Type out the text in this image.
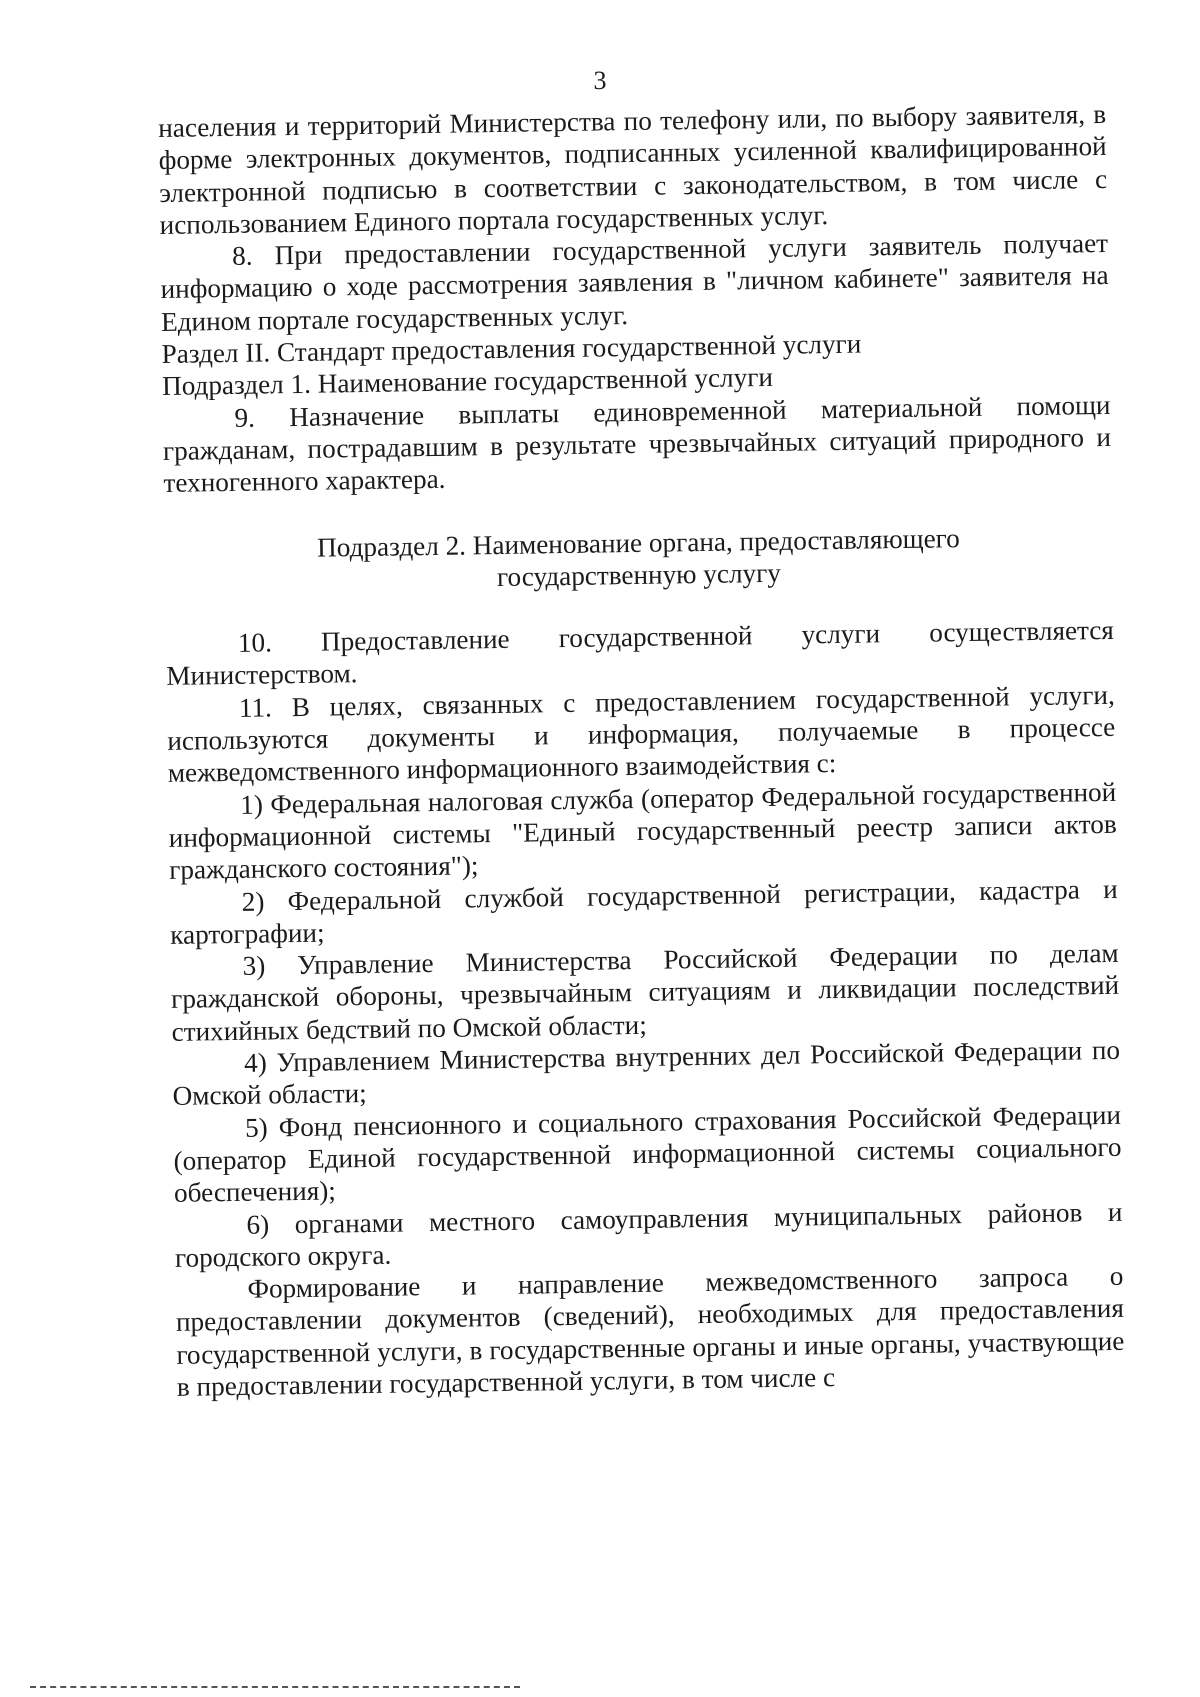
3

населения и территорий Министерства по телефону или, по выбору заявителя, в форме электронных документов, подписанных усиленной квалифицированной электронной подписью в соответствии с законодательством, в том числе с использованием Единого портала государственных услуг.

8. При предоставлении государственной услуги заявитель получает информацию о ходе рассмотрения заявления в "личном кабинете" заявителя на Едином портале государственных услуг.

Раздел II. Стандарт предоставления государственной услуги

Подраздел 1. Наименование государственной услуги

9. Назначение выплаты единовременной материальной помощи гражданам, пострадавшим в результате чрезвычайных ситуаций природного и техногенного характера.

Подраздел 2. Наименование органа, предоставляющего
государственную услугу

10. Предоставление государственной услуги осуществляется Министерством.

11. В целях, связанных с предоставлением государственной услуги, используются документы и информация, получаемые в процессе межведомственного информационного взаимодействия с:

1) Федеральная налоговая служба (оператор Федеральной государственной информационной системы "Единый государственный реестр записи актов гражданского состояния");

2) Федеральной службой государственной регистрации, кадастра и картографии;

3) Управление Министерства Российской Федерации по делам гражданской обороны, чрезвычайным ситуациям и ликвидации последствий стихийных бедствий по Омской области;

4) Управлением Министерства внутренних дел Российской Федерации по Омской области;

5) Фонд пенсионного и социального страхования Российской Федерации (оператор Единой государственной информационной системы социального обеспечения);

6) органами местного самоуправления муниципальных районов и городского округа.

Формирование и направление межведомственного запроса о предоставлении документов (сведений), необходимых для предоставления государственной услуги, в государственные органы и иные органы, участвующие в предоставлении государственной услуги, в том числе с
